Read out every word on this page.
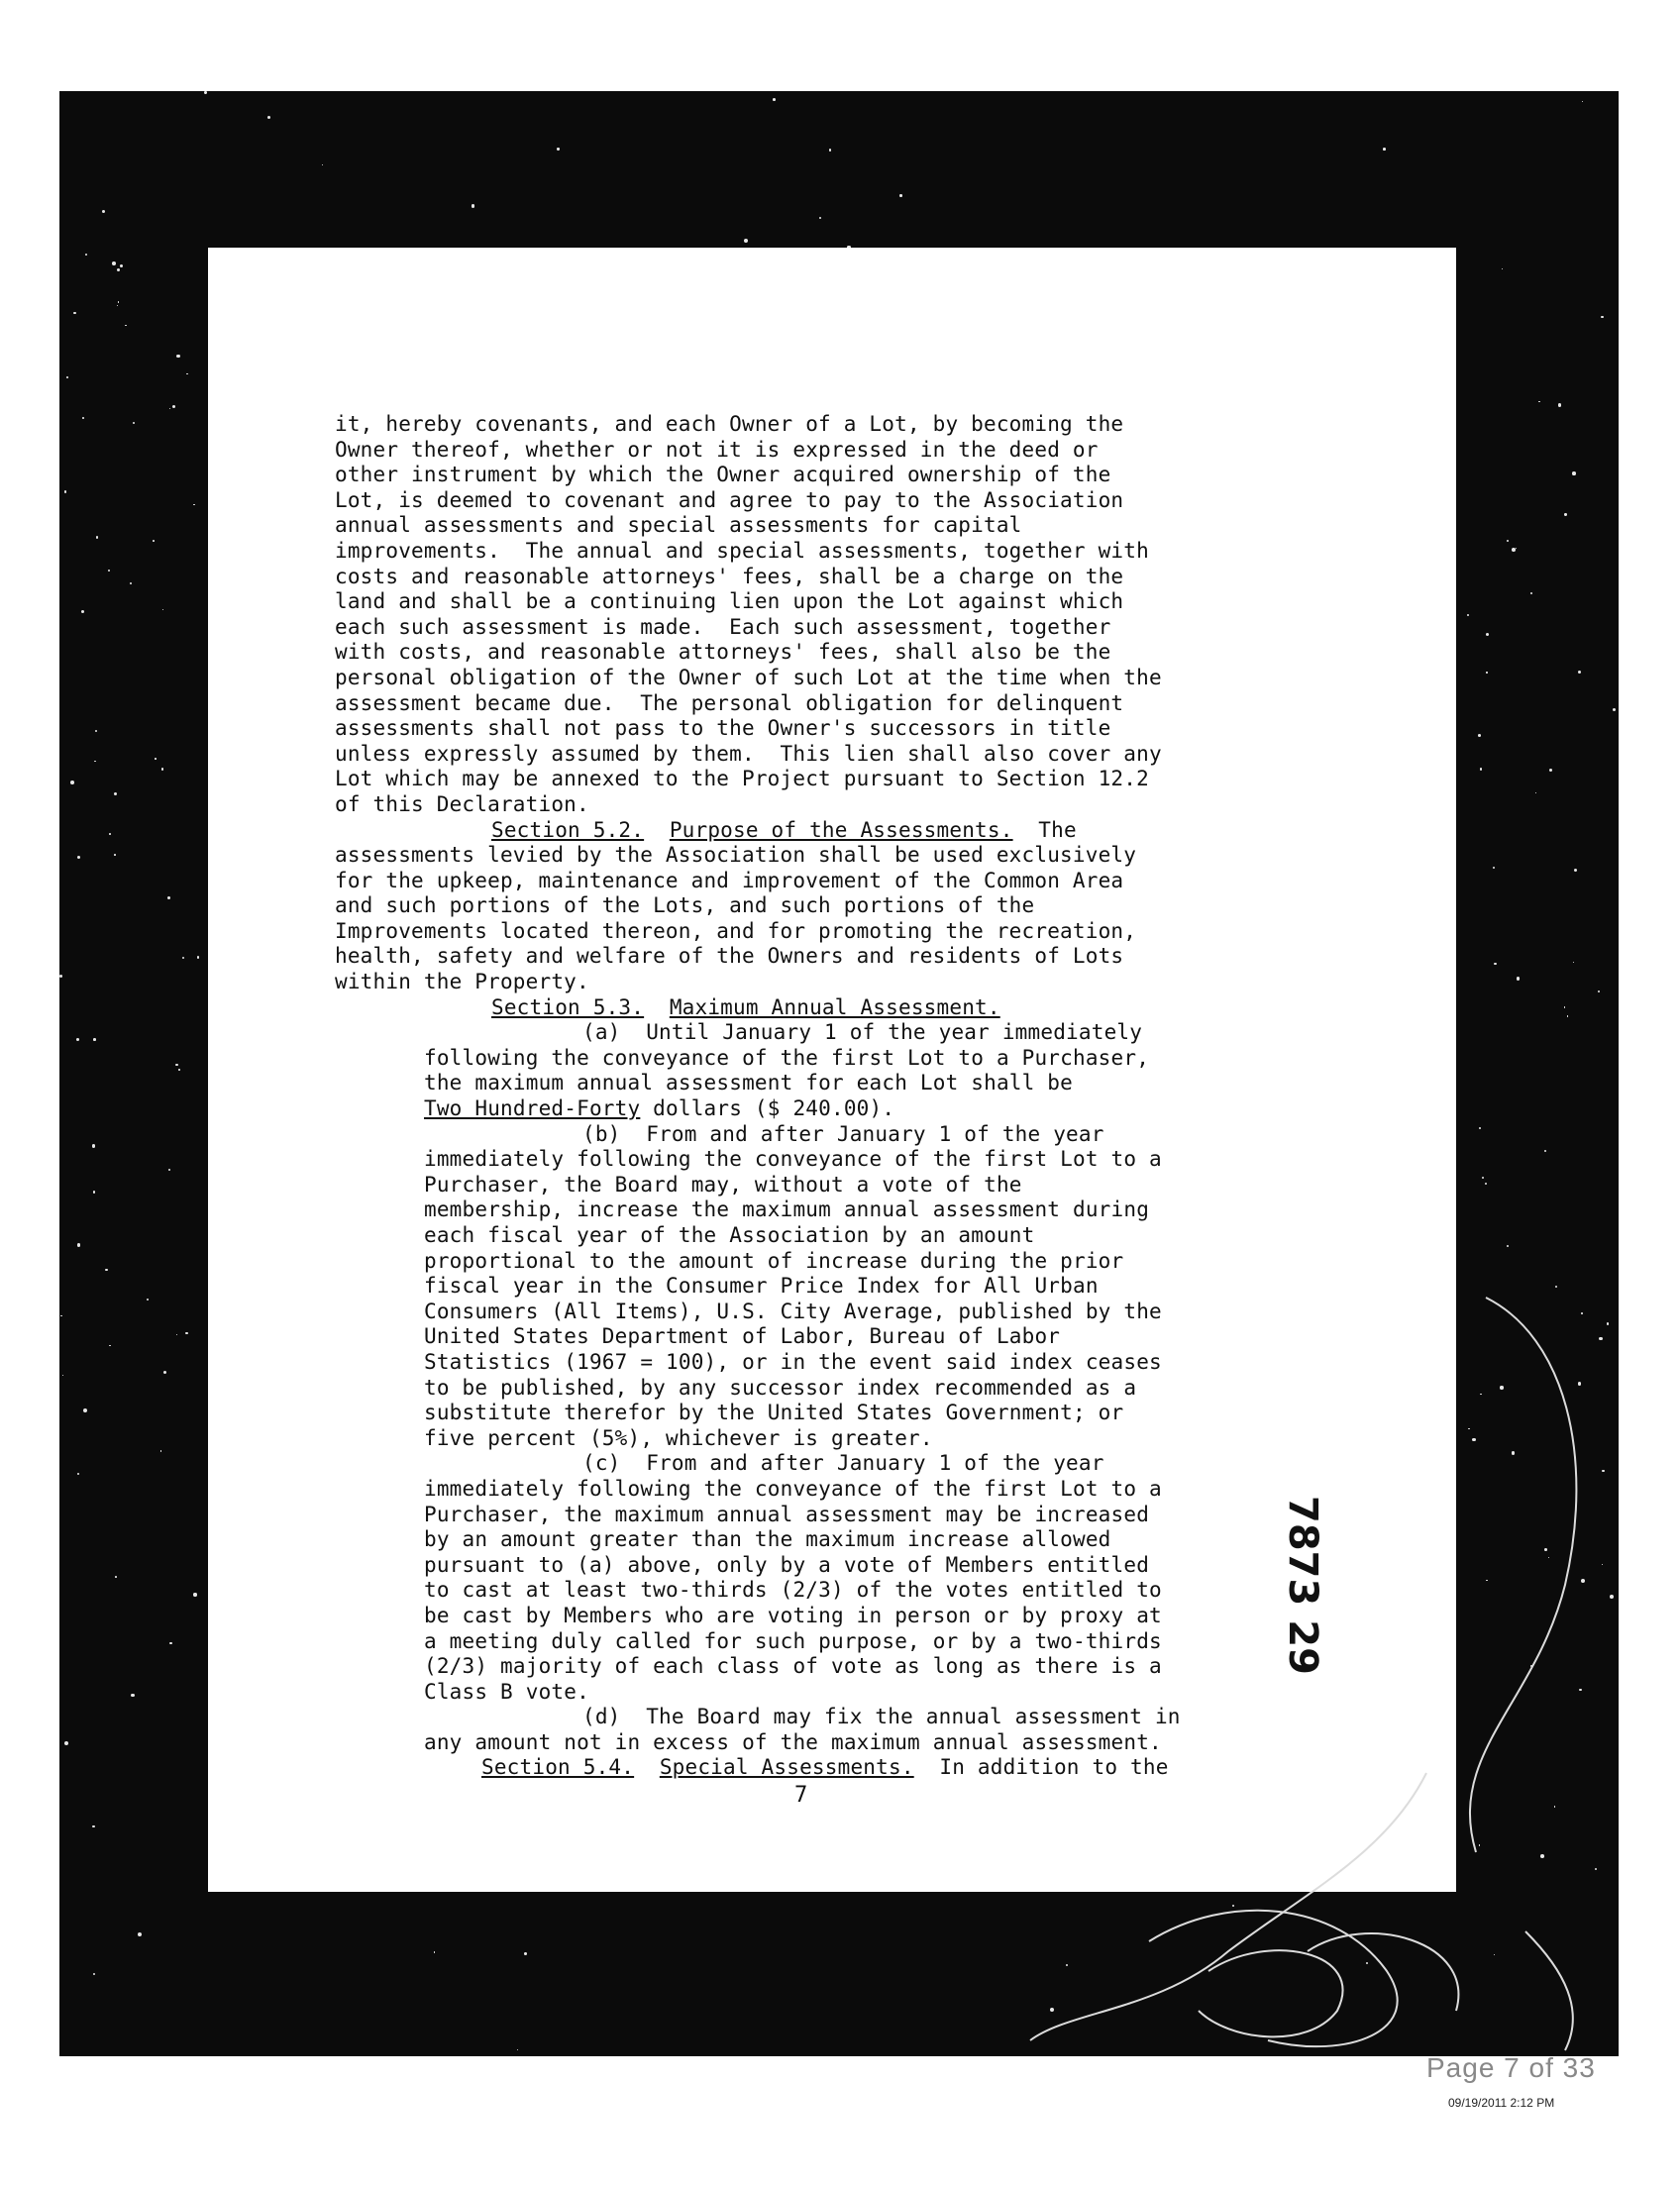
it, hereby covenants, and each Owner of a Lot, by becoming the
Owner thereof, whether or not it is expressed in the deed or
other instrument by which the Owner acquired ownership of the
Lot, is deemed to covenant and agree to pay to the Association
annual assessments and special assessments for capital
improvements.  The annual and special assessments, together with
costs and reasonable attorneys' fees, shall be a charge on the
land and shall be a continuing lien upon the Lot against which
each such assessment is made.  Each such assessment, together
with costs, and reasonable attorneys' fees, shall also be the
personal obligation of the Owner of such Lot at the time when the
assessment became due.  The personal obligation for delinquent
assessments shall not pass to the Owner's successors in title
unless expressly assumed by them.  This lien shall also cover any
Lot which may be annexed to the Project pursuant to Section 12.2
of this Declaration.
Section 5.2. Purpose of the Assessments. The
assessments levied by the Association shall be used exclusively
for the upkeep, maintenance and improvement of the Common Area
and such portions of the Lots, and such portions of the
Improvements located thereon, and for promoting the recreation,
health, safety and welfare of the Owners and residents of Lots
within the Property.
Section 5.3. Maximum Annual Assessment.
(a)  Until January 1 of the year immediately
following the conveyance of the first Lot to a Purchaser,
the maximum annual assessment for each Lot shall be
Two Hundred-Forty dollars ($ 240.00).
(b)  From and after January 1 of the year
immediately following the conveyance of the first Lot to a
Purchaser, the Board may, without a vote of the
membership, increase the maximum annual assessment during
each fiscal year of the Association by an amount
proportional to the amount of increase during the prior
fiscal year in the Consumer Price Index for All Urban
Consumers (All Items), U.S. City Average, published by the
United States Department of Labor, Bureau of Labor
Statistics (1967 = 100), or in the event said index ceases
to be published, by any successor index recommended as a
substitute therefor by the United States Government; or
five percent (5%), whichever is greater.
(c)  From and after January 1 of the year
immediately following the conveyance of the first Lot to a
Purchaser, the maximum annual assessment may be increased
by an amount greater than the maximum increase allowed
pursuant to (a) above, only by a vote of Members entitled
to cast at least two-thirds (2/3) of the votes entitled to
be cast by Members who are voting in person or by proxy at
a meeting duly called for such purpose, or by a two-thirds
(2/3) majority of each class of vote as long as there is a
Class B vote.
(d)  The Board may fix the annual assessment in
any amount not in excess of the maximum annual assessment.
Section 5.4. Special Assessments. In addition to the
7
7873 29
Page 7 of 33
09/19/2011 2:12 PM
